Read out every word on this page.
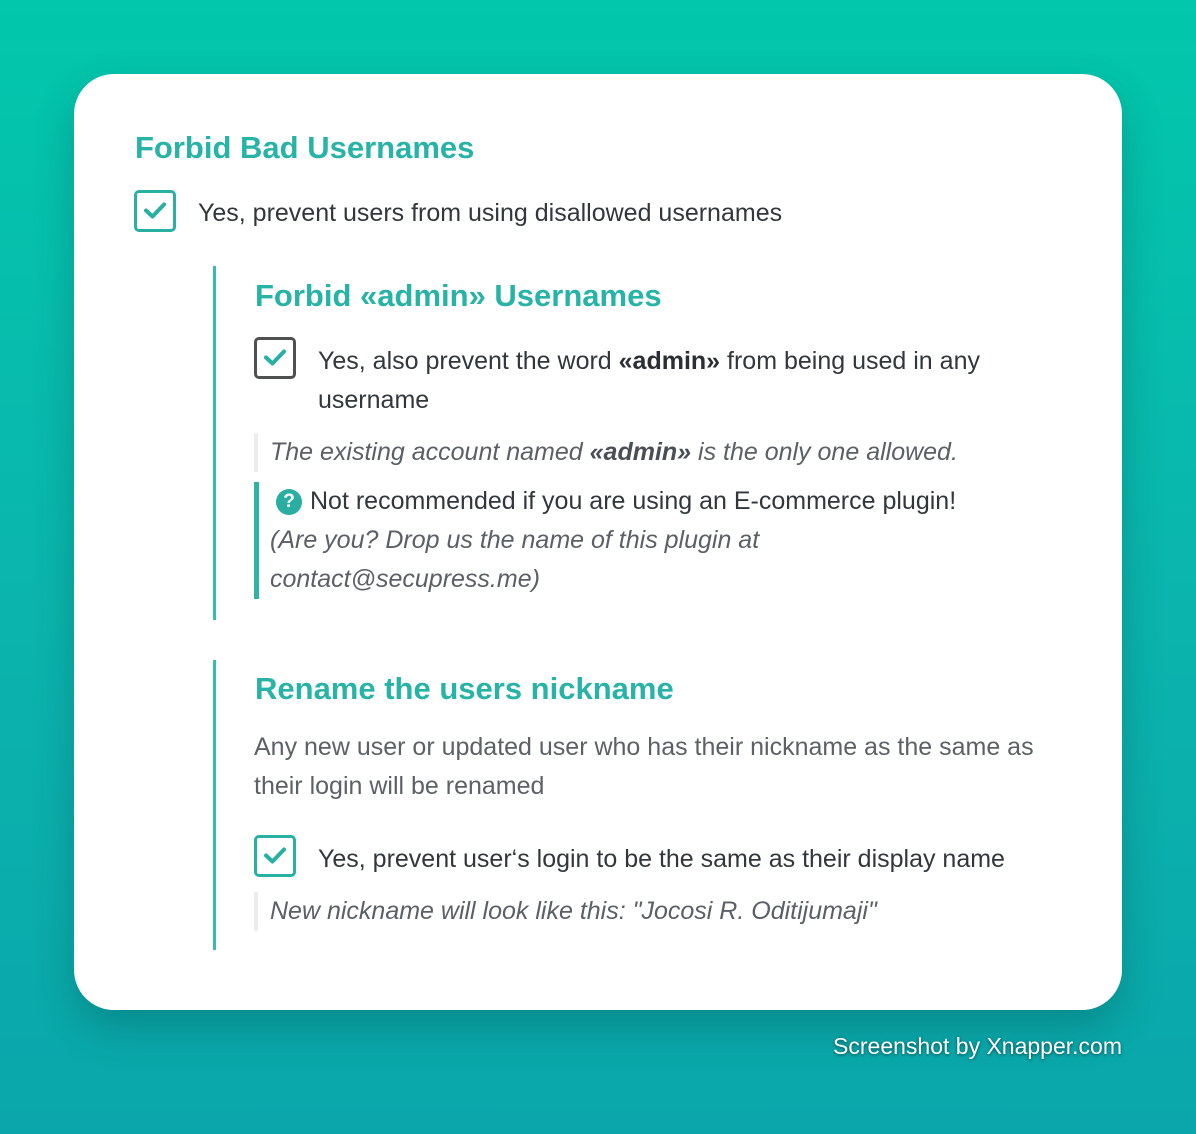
Forbid Bad Usernames
Yes, prevent users from using disallowed usernames
Forbid «admin» Usernames
Yes, also prevent the word «admin» from being used in any username
The existing account named «admin» is the only one allowed.
? Not recommended if you are using an E-commerce plugin!
(Are you? Drop us the name of this plugin at contact@secupress.me)
Rename the users nickname
Any new user or updated user who has their nickname as the same as their login will be renamed
Yes, prevent user‘s login to be the same as their display name
New nickname will look like this: "Jocosi R. Oditijumaji"
Screenshot by Xnapper.com
